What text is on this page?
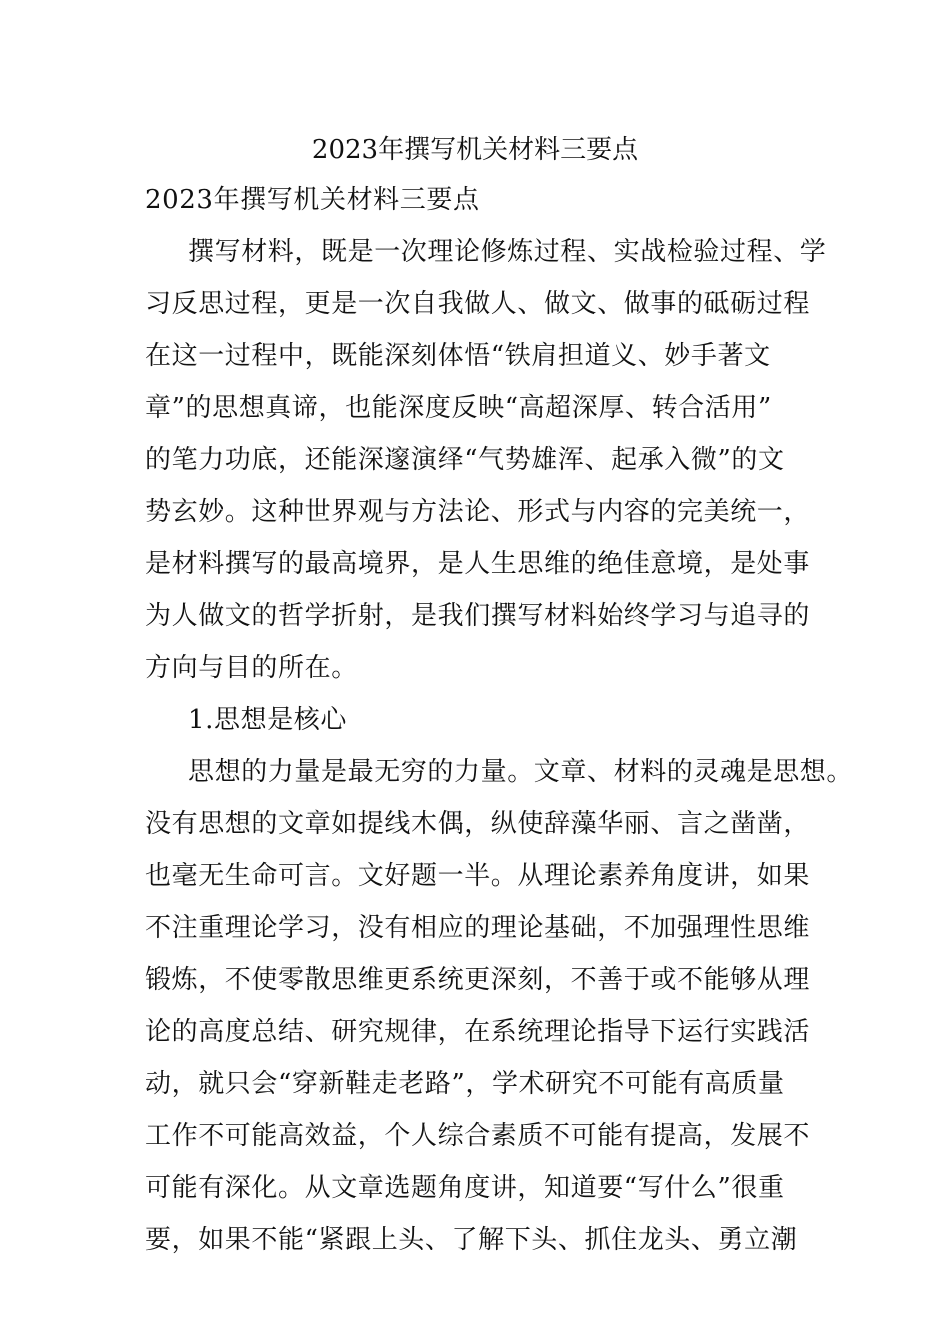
2023年撰写机关材料三要点
2023年撰写机关材料三要点
撰写材料，既是一次理论修炼过程、实战检验过程、学
习反思过程，更是一次自我做人、做文、做事的砥砺过程
在这一过程中，既能深刻体悟“铁肩担道义、妙手著文
章”的思想真谛，也能深度反映“高超深厚、转合活用”
的笔力功底，还能深邃演绎“气势雄浑、起承入微”的文
势玄妙。这种世界观与方法论、形式与内容的完美统一，
是材料撰写的最高境界，是人生思维的绝佳意境，是处事
为人做文的哲学折射，是我们撰写材料始终学习与追寻的
方向与目的所在。
1.思想是核心
思想的力量是最无穷的力量。文章、材料的灵魂是思想。
没有思想的文章如提线木偶，纵使辞藻华丽、言之凿凿，
也毫无生命可言。文好题一半。从理论素养角度讲，如果
不注重理论学习，没有相应的理论基础，不加强理性思维
锻炼，不使零散思维更系统更深刻，不善于或不能够从理
论的高度总结、研究规律，在系统理论指导下运行实践活
动，就只会“穿新鞋走老路”，学术研究不可能有高质量
工作不可能高效益，个人综合素质不可能有提高，发展不
可能有深化。从文章选题角度讲，知道要“写什么”很重
要，如果不能“紧跟上头、了解下头、抓住龙头、勇立潮
